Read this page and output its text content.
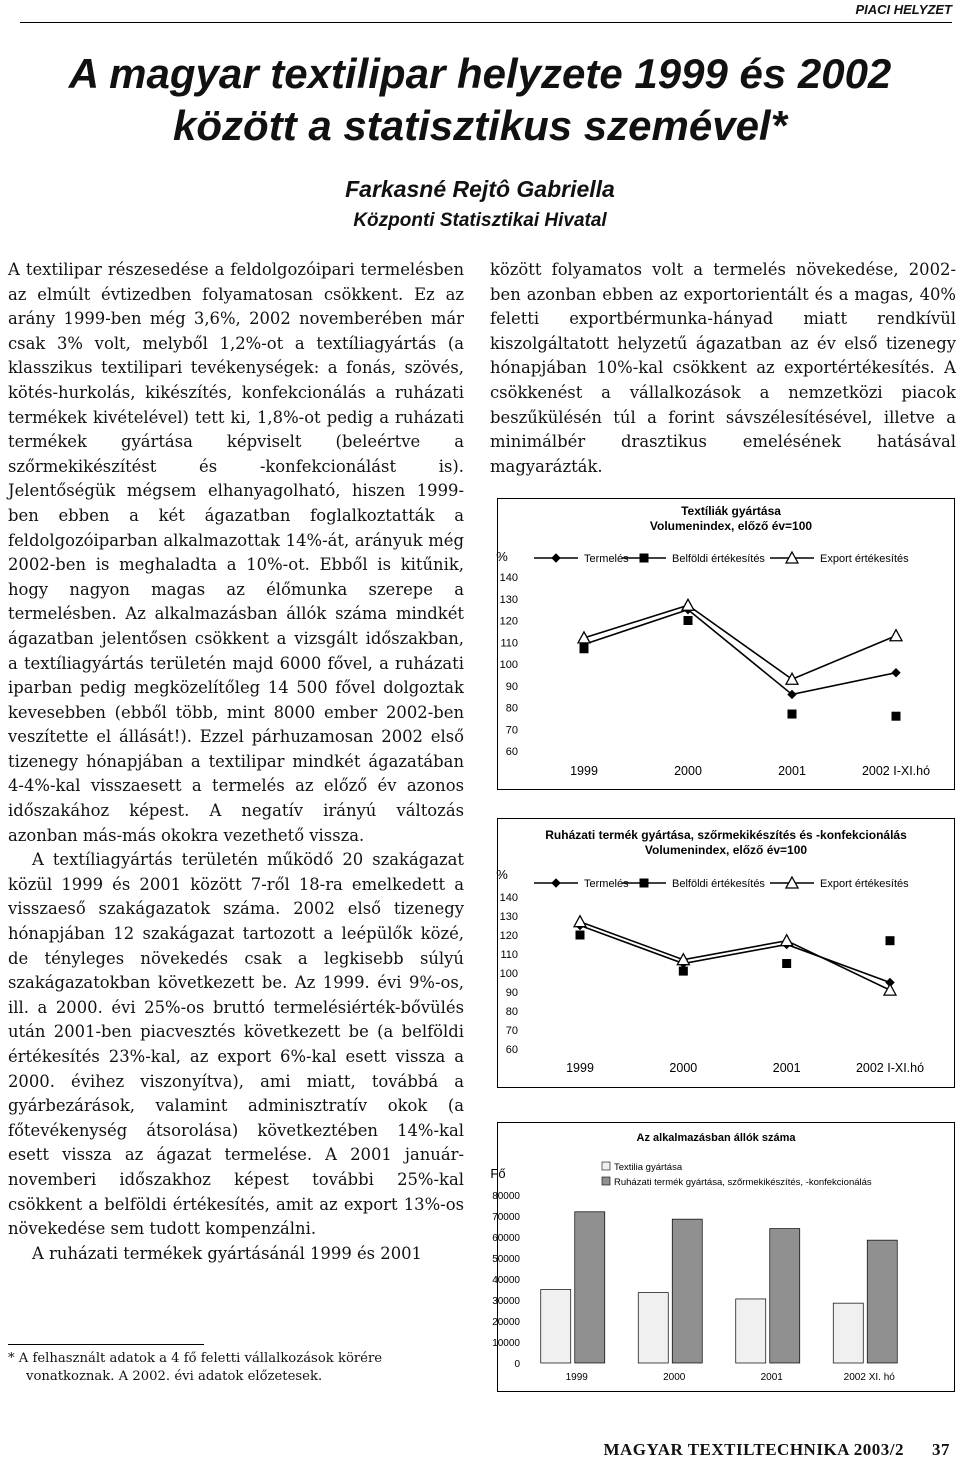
PIACI HELYZET
A magyar textilipar helyzete 1999 és 2002
között a statisztikus szemével*
Farkasné Rejtô Gabriella
Központi Statisztikai Hivatal

A textilipar részesedése a feldolgozóipari termelésben az elmúlt évtizedben folyamatosan csökkent. Ez az arány 1999-ben még 3,6%, 2002 novemberében már csak 3% volt, melyből 1,2%-ot a textíliagyártás (a klasszikus textilipari tevékenységek: a fonás, szövés, kötés-hurkolás, kikészítés, konfekcionálás a ruházati termékek kivételével) tett ki, 1,8%-ot pedig a ruházati termékek gyártása képviselt (beleértve a szőrmekikészítést és -konfekcionálást is). Jelentőségük mégsem elhanyagolható, hiszen 1999-ben ebben a két ágazatban foglalkoztatták a feldolgozóiparban alkalmazottak 14%-át, arányuk még 2002-ben is meghaladta a 10%-ot. Ebből is kitűnik, hogy nagyon magas az élőmunka szerepe a termelésben. Az alkalmazásban állók száma mindkét ágazatban jelentősen csökkent a vizsgált időszakban, a textíliagyártás területén majd 6000 fővel, a ruházati iparban pedig megközelítőleg 14 500 fővel dolgoztak kevesebben (ebből több, mint 8000 ember 2002-ben veszítette el állását!). Ezzel párhuzamosan 2002 első tizenegy hónapjában a textilipar mindkét ágazatában 4-4%-kal visszaesett a termelés az előző év azonos időszakához képest. A negatív irányú változás azonban más-más okokra vezethető vissza.

A textíliagyártás területén működő 20 szakágazat közül 1999 és 2001 között 7-ről 18-ra emelkedett a visszaeső szakágazatok száma. 2002 első tizenegy hónapjában 12 szakágazat tartozott a leépülők közé, de tényleges növekedés csak a legkisebb súlyú szakágazatokban következett be. Az 1999. évi 9%-os, ill. a 2000. évi 25%-os bruttó termelésiérték-bővülés után 2001-ben piacvesztés következett be (a belföldi értékesítés 23%-kal, az export 6%-kal esett vissza a 2000. évihez viszonyítva), ami miatt, továbbá a gyárbezárások, valamint adminisztratív okok (a főtevékenység átsorolása) következtében 14%-kal esett vissza az ágazat termelése. A 2001 január-novemberi időszakhoz képest további 25%-kal csökkent a belföldi értékesítés, amit az export 13%-os növekedése sem tudott kompenzálni.

A ruházati termékek gyártásánál 1999 és 2001

között folyamatos volt a termelés növekedése, 2002-ben azonban ebben az exportorientált és a magas, 40% feletti exportbérmunka-hányad miatt rendkívül kiszolgáltatott helyzetű ágazatban az év első tizenegy hónapjában 10%-kal csökkent az exportértékesítés. A csökkenést a vállalkozások a nemzetközi piacok beszűkülésén túl a forint sávszélesítésével, illetve a minimálbér drasztikus emelésének hatásával magyarázták.

* A felhasznált adatok a 4 fő feletti vállalkozások körére vonatkoznak. A 2002. évi adatok előzetesek.
Textíliák gyártása
Volumenindex, előző év=100
%	Termelés	Belföldi értékesítés	Export értékesítés
140
130
120
110
100
90
80
70
60
1999	2000	2001	2002 I-XI.hó
Ruházati termék gyártása, szőrmekikészítés és -konfekcionálás
Volumenindex, előző év=100
%
Termelés	Belföldi értékesítés	Export értékesítés
140
130
120
110
100
90
80
70
60
1999	2000	2001	2002 I-XI.hó
Az alkalmazásban állók száma
Fő	Textilia gyártása
Ruházati termék gyártása, szőrmekikészítés, -konfekcionálás
80000
70000
60000
50000
40000
30000
20000
10000
0
1999	2000	2001	2002 XI. hó
MAGYAR TEXTILTECHNIKA 2003/2 37
